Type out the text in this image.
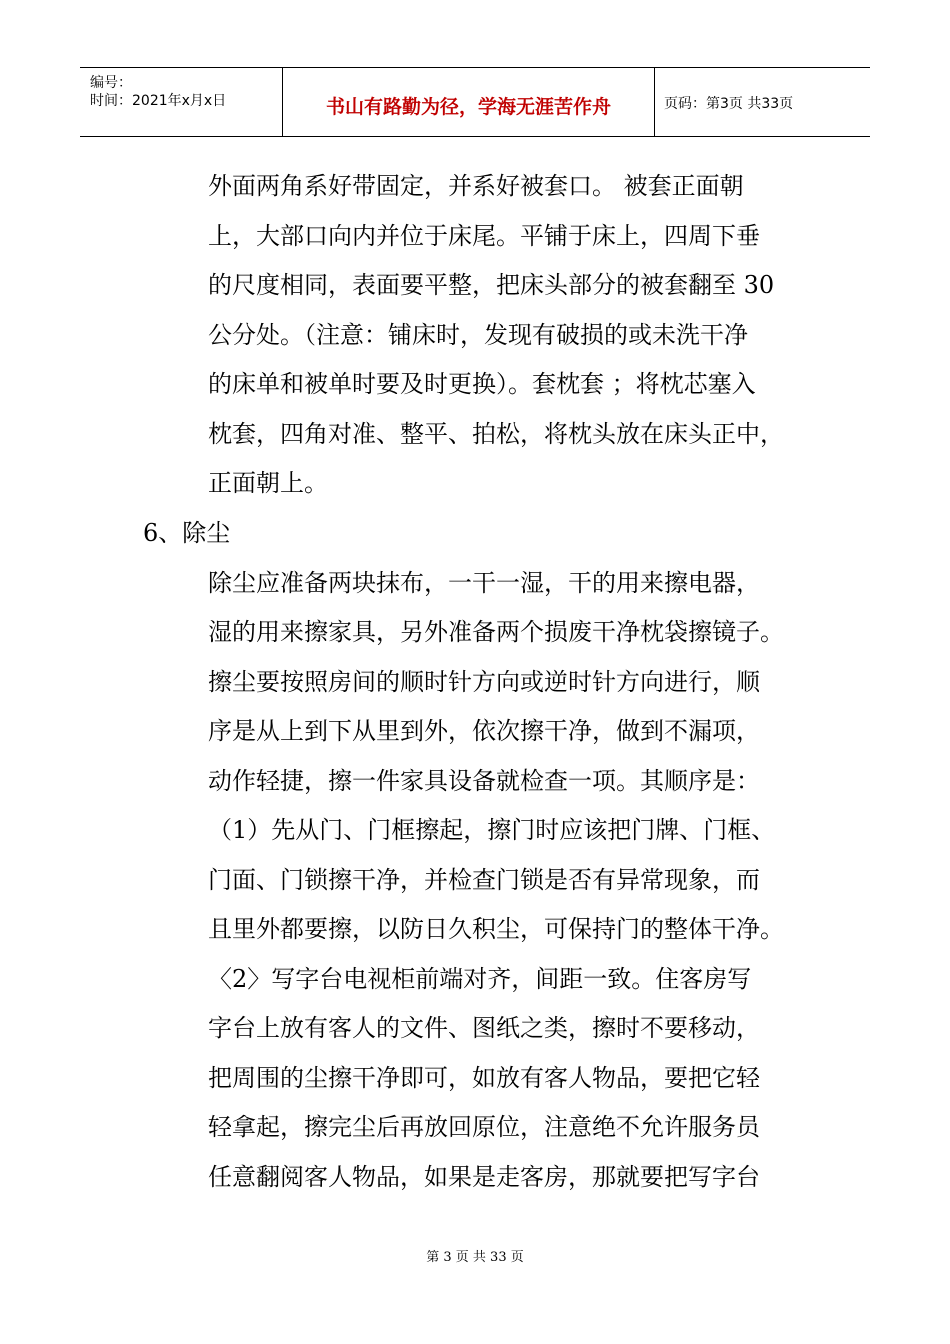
编号：
时间：2021年x月x日	书山有路勤为径，学海无涯苦作舟	页码：第3页 共33页
外面两角系好带固定，并系好被套口。 被套正面朝
上，大部口向内并位于床尾。平铺于床上，四周下垂
的尺度相同，表面要平整，把床头部分的被套翻至 30
公分处。（注意：铺床时，发现有破损的或未洗干净
的床单和被单时要及时更换）。套枕套 ；将枕芯塞入
枕套，四角对准、整平、拍松，将枕头放在床头正中，
正面朝上。
6、除尘
除尘应准备两块抹布，一干一湿，干的用来擦电器，
湿的用来擦家具，另外准备两个损废干净枕袋擦镜子。
擦尘要按照房间的顺时针方向或逆时针方向进行，顺
序是从上到下从里到外，依次擦干净，做到不漏项，
动作轻捷，擦一件家具设备就检查一项。其顺序是：
（1）先从门、门框擦起，擦门时应该把门牌、门框、
门面、门锁擦干净，并检查门锁是否有异常现象，而
且里外都要擦，以防日久积尘，可保持门的整体干净。
〈2〉写字台电视柜前端对齐，间距一致。住客房写
字台上放有客人的文件、图纸之类，擦时不要移动，
把周围的尘擦干净即可，如放有客人物品，要把它轻
轻拿起，擦完尘后再放回原位，注意绝不允许服务员
任意翻阅客人物品，如果是走客房，那就要把写字台
第 3 页 共 33 页
